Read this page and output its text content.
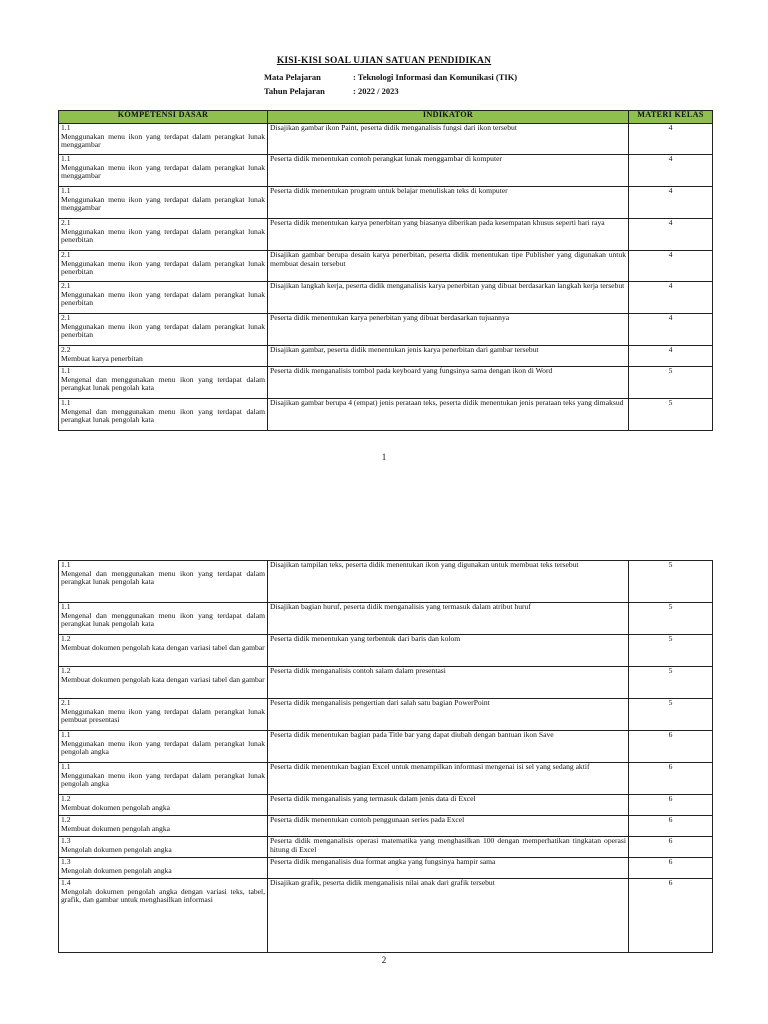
KISI-KISI SOAL UJIAN SATUAN PENDIDIKAN
Mata Pelajaran	: Teknologi Informasi dan Komunikasi (TIK)
Tahun Pelajaran	: 2022 / 2023
KOMPETENSI DASAR	INDIKATOR	MATERI KELAS

1.1
Menggunakan menu ikon yang terdapat dalam perangkat lunak menggambar	Disajikan gambar ikon Paint, peserta didik menganalisis fungsi dari ikon tersebut	4

1.1
Menggunakan menu ikon yang terdapat dalam perangkat lunak menggambar	Peserta didik menentukan contoh perangkat lunak menggambar di komputer	4

1.1
Menggunakan menu ikon yang terdapat dalam perangkat lunak menggambar	Peserta didik menentukan program untuk belajar menuliskan teks di komputer	4

2.1
Menggunakan menu ikon yang terdapat dalam perangkat lunak penerbitan	Peserta didik menentukan karya penerbitan yang biasanya diberikan pada kesempatan khusus seperti hari raya	4

2.1
Menggunakan menu ikon yang terdapat dalam perangkat lunak penerbitan	Disajikan gambar berupa desain karya penerbitan, peserta didik menentukan tipe Publisher yang digunakan untuk membuat desain tersebut	4

2.1
Menggunakan menu ikon yang terdapat dalam perangkat lunak penerbitan	Disajikan langkah kerja, peserta didik menganalisis karya penerbitan yang dibuat berdasarkan langkah kerja tersebut	4

2.1
Menggunakan menu ikon yang terdapat dalam perangkat lunak penerbitan	Peserta didik menentukan karya penerbitan yang dibuat berdasarkan tujuannya	4

2.2
Membuat karya penerbitan	Disajikan gambar, peserta didik menentukan jenis karya penerbitan dari gambar tersebut	4

1.1
Mengenal dan menggunakan menu ikon yang terdapat dalam perangkat lunak pengolah kata	Peserta didik menganalisis tombol pada keyboard yang fungsinya sama dengan ikon di Word	5

1.1
Mengenal dan menggunakan menu ikon yang terdapat dalam perangkat lunak pengolah kata	Disajikan gambar berupa 4 (empat) jenis perataan teks, peserta didik menentukan jenis perataan teks yang dimaksud	5
1
1.1
Mengenal dan menggunakan menu ikon yang terdapat dalam perangkat lunak pengolah kata	Disajikan tampilan teks, peserta didik menentukan ikon yang digunakan untuk membuat teks tersebut	5

1.1
Mengenal dan menggunakan menu ikon yang terdapat dalam perangkat lunak pengolah kata	Disajikan bagian huruf, peserta didik menganalisis yang termasuk dalam atribut huruf	5

1.2
Membuat dokumen pengolah kata dengan variasi tabel dan gambar	Peserta didik menentukan yang terbentuk dari baris dan kolom	5

1.2
Membuat dokumen pengolah kata dengan variasi tabel dan gambar	Peserta didik menganalisis contoh salam dalam presentasi	5

2.1
Menggunakan menu ikon yang terdapat dalam perangkat lunak pembuat presentasi	Peserta didik menganalisis pengertian dari salah satu bagian PowerPoint	5

1.1
Menggunakan menu ikon yang terdapat dalam perangkat lunak pengolah angka	Peserta didik menentukan bagian pada Title bar yang dapat diubah dengan bantuan ikon Save	6

1.1
Menggunakan menu ikon yang terdapat dalam perangkat lunak pengolah angka	Peserta didik menentukan bagian Excel untuk menampilkan informasi mengenai isi sel yang sedang aktif	6

1.2
Membuat dokumen pengolah angka	Peserta didik menganalisis yang termasuk dalam jenis data di Excel	6

1.2
Membuat dokumen pengolah angka	Peserta didik menentukan contoh penggunaan series pada Excel	6

1.3
Mengolah dokumen pengolah angka	Peserta didik menganalisis operasi matematika yang menghasilkan 100 dengan memperhatikan tingkatan operasi hitung di Excel	6

1.3
Mengolah dokumen pengolah angka	Peserta didik menganalisis dua format angka yang fungsinya hampir sama	6

1.4
Mengolah dokumen pengolah angka dengan variasi teks, tabel, grafik, dan gambar untuk menghasilkan informasi	Disajikan grafik, peserta didik menganalisis nilai anak dari grafik tersebut	6
2
